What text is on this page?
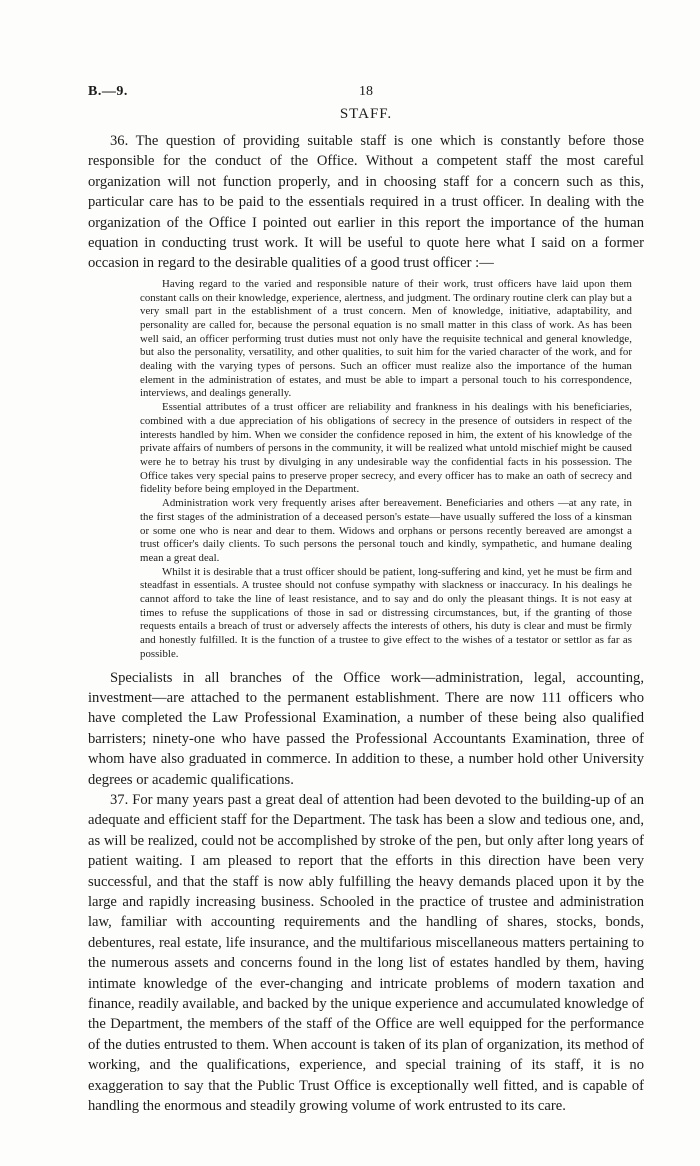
B.—9.	18
STAFF.

36. The question of providing suitable staff is one which is constantly before those responsible for the conduct of the Office. Without a competent staff the most careful organization will not function properly, and in choosing staff for a concern such as this, particular care has to be paid to the essentials required in a trust officer. In dealing with the organization of the Office I pointed out earlier in this report the importance of the human equation in conducting trust work. It will be useful to quote here what I said on a former occasion in regard to the desirable qualities of a good trust officer :—

Having regard to the varied and responsible nature of their work, trust officers have laid upon them constant calls on their knowledge, experience, alertness, and judgment. The ordinary routine clerk can play but a very small part in the establishment of a trust concern. Men of knowledge, initiative, adaptability, and personality are called for, because the personal equation is no small matter in this class of work. As has been well said, an officer performing trust duties must not only have the requisite technical and general knowledge, but also the personality, versatility, and other qualities, to suit him for the varied character of the work, and for dealing with the varying types of persons. Such an officer must realize also the importance of the human element in the administration of estates, and must be able to impart a personal touch to his correspondence, interviews, and dealings generally.

Essential attributes of a trust officer are reliability and frankness in his dealings with his beneficiaries, combined with a due appreciation of his obligations of secrecy in the presence of outsiders in respect of the interests handled by him. When we consider the confidence reposed in him, the extent of his knowledge of the private affairs of numbers of persons in the community, it will be realized what untold mischief might be caused were he to betray his trust by divulging in any undesirable way the confidential facts in his possession. The Office takes very special pains to preserve proper secrecy, and every officer has to make an oath of secrecy and fidelity before being employed in the Department.

Administration work very frequently arises after bereavement. Beneficiaries and others —at any rate, in the first stages of the administration of a deceased person's estate—have usually suffered the loss of a kinsman or some one who is near and dear to them. Widows and orphans or persons recently bereaved are amongst a trust officer's daily clients. To such persons the personal touch and kindly, sympathetic, and humane dealing mean a great deal.

Whilst it is desirable that a trust officer should be patient, long-suffering and kind, yet he must be firm and steadfast in essentials. A trustee should not confuse sympathy with slackness or inaccuracy. In his dealings he cannot afford to take the line of least resistance, and to say and do only the pleasant things. It is not easy at times to refuse the supplications of those in sad or distressing circumstances, but, if the granting of those requests entails a breach of trust or adversely affects the interests of others, his duty is clear and must be firmly and honestly fulfilled. It is the function of a trustee to give effect to the wishes of a testator or settlor as far as possible.

Specialists in all branches of the Office work—administration, legal, accounting, investment—are attached to the permanent establishment. There are now 111 officers who have completed the Law Professional Examination, a number of these being also qualified barristers; ninety-one who have passed the Professional Accountants Examination, three of whom have also graduated in commerce. In addition to these, a number hold other University degrees or academic qualifications.

37. For many years past a great deal of attention had been devoted to the building-up of an adequate and efficient staff for the Department. The task has been a slow and tedious one, and, as will be realized, could not be accomplished by stroke of the pen, but only after long years of patient waiting. I am pleased to report that the efforts in this direction have been very successful, and that the staff is now ably fulfilling the heavy demands placed upon it by the large and rapidly increasing business. Schooled in the practice of trustee and administration law, familiar with accounting requirements and the handling of shares, stocks, bonds, debentures, real estate, life insurance, and the multifarious miscellaneous matters pertaining to the numerous assets and concerns found in the long list of estates handled by them, having intimate knowledge of the ever-changing and intricate problems of modern taxation and finance, readily available, and backed by the unique experience and accumulated knowledge of the Department, the members of the staff of the Office are well equipped for the performance of the duties entrusted to them. When account is taken of its plan of organization, its method of working, and the qualifications, experience, and special training of its staff, it is no exaggeration to say that the Public Trust Office is exceptionally well fitted, and is capable of handling the enormous and steadily growing volume of work entrusted to its care.
